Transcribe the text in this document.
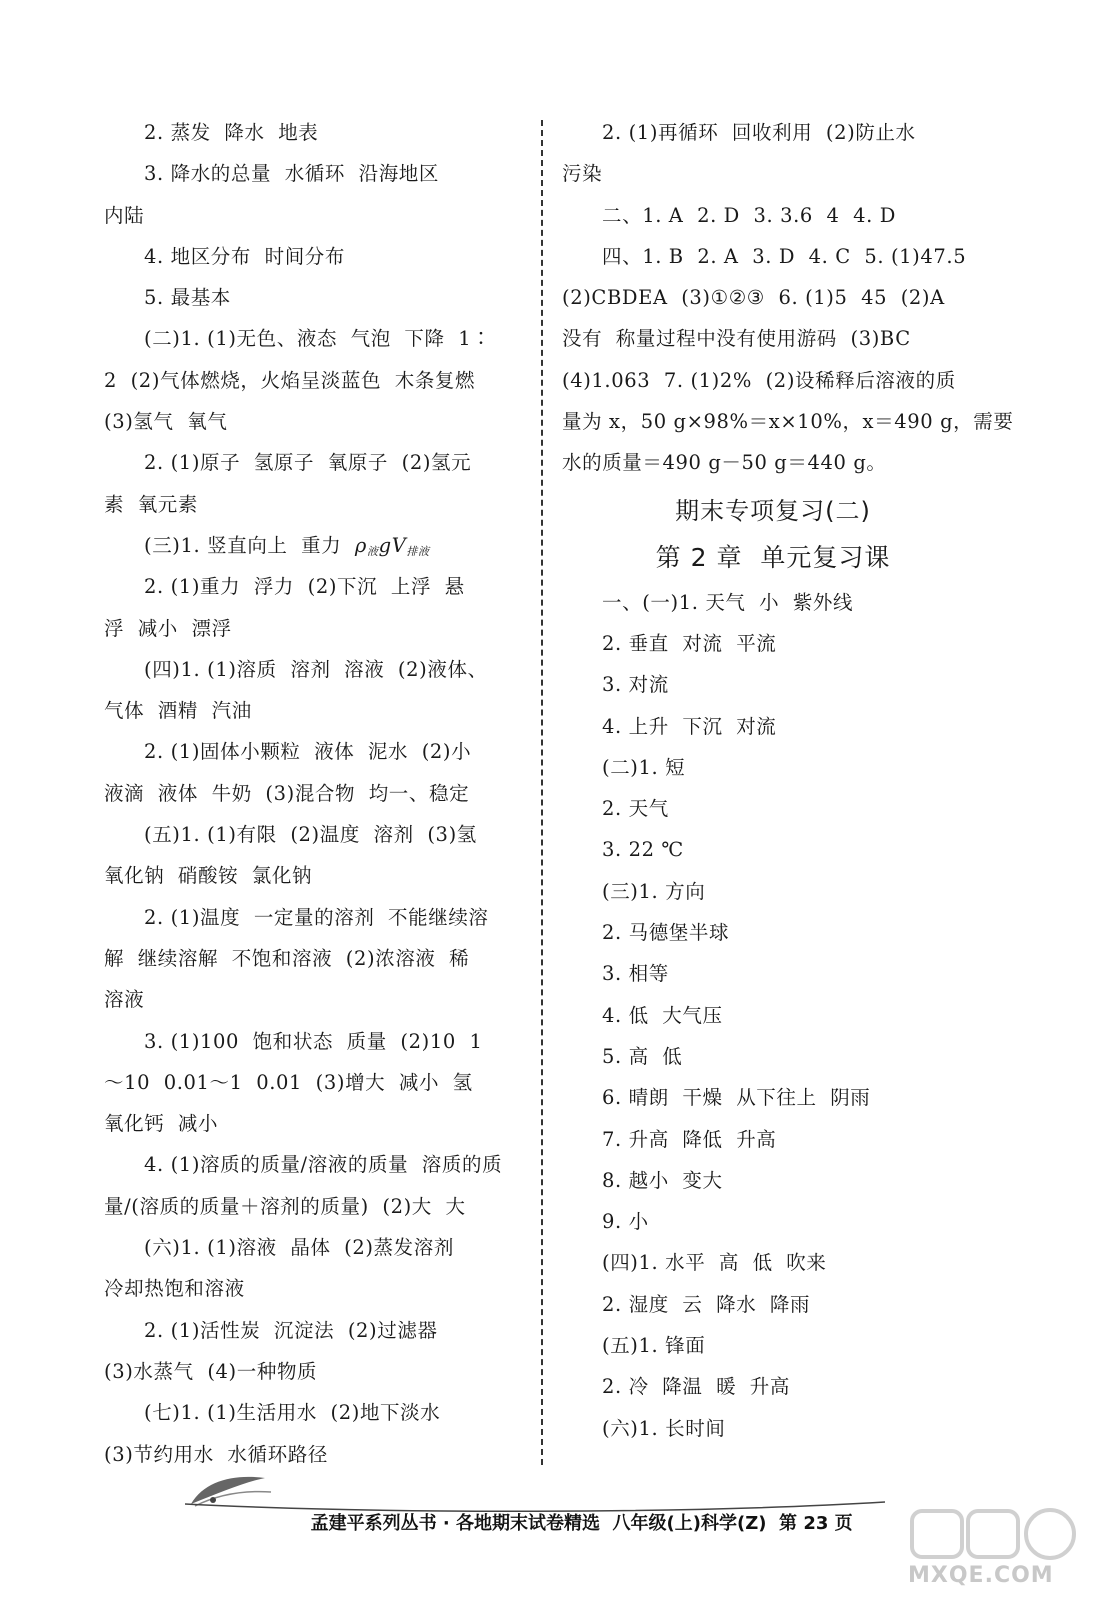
2. 蒸发  降水  地表
3. 降水的总量  水循环  沿海地区
内陆
4. 地区分布  时间分布
5. 最基本
(二)1. (1)无色、液态  气泡  下降  1∶
2  (2)气体燃烧，火焰呈淡蓝色  木条复燃
(3)氢气  氧气
2. (1)原子  氢原子  氧原子  (2)氢元
素  氧元素
(三)1. 竖直向上  重力  $\rho_液gV_{排液}$
2. (1)重力  浮力  (2)下沉  上浮  悬
浮  减小  漂浮
(四)1. (1)溶质  溶剂  溶液  (2)液体、
气体  酒精  汽油
2. (1)固体小颗粒  液体  泥水  (2)小
液滴  液体  牛奶  (3)混合物  均一、稳定
(五)1. (1)有限  (2)温度  溶剂  (3)氢
氧化钠  硝酸铵  氯化钠
2. (1)温度  一定量的溶剂  不能继续溶
解  继续溶解  不饱和溶液  (2)浓溶液  稀
溶液
3. (1)100  饱和状态  质量  (2)10  1
～10  0.01～1  0.01  (3)增大  减小  氢
氧化钙  减小
4. (1)溶质的质量/溶液的质量  溶质的质
量/(溶质的质量＋溶剂的质量)  (2)大  大
(六)1. (1)溶液  晶体  (2)蒸发溶剂
冷却热饱和溶液
2. (1)活性炭  沉淀法  (2)过滤器
(3)水蒸气  (4)一种物质
(七)1. (1)生活用水  (2)地下淡水
(3)节约用水  水循环路径
2. (1)再循环  回收利用  (2)防止水
污染
二、1. A  2. D  3. 3.6  4  4. D
四、1. B  2. A  3. D  4. C  5. (1)47.5
(2)CBDEA  (3)①②③  6. (1)5  45  (2)A
没有  称量过程中没有使用游码  (3)BC
(4)1.063  7. (1)2%  (2)设稀释后溶液的质
量为 x，50 g×98%＝x×10%，x＝490 g，需要
水的质量＝490 g－50 g＝440 g。
期末专项复习(二)
第 2 章  单元复习课
一、(一)1. 天气  小  紫外线
2. 垂直  对流  平流
3. 对流
4. 上升  下沉  对流
(二)1. 短
2. 天气
3. 22 ℃
(三)1. 方向
2. 马德堡半球
3. 相等
4. 低  大气压
5. 高  低
6. 晴朗  干燥  从下往上  阴雨
7. 升高  降低  升高
8. 越小  变大
9. 小
(四)1. 水平  高  低  吹来
2. 湿度  云  降水  降雨
(五)1. 锋面
2. 冷  降温  暖  升高
(六)1. 长时间

孟建平系列丛书 · 各地期末试卷精选 八年级(上)科学(Z) 第 23 页

MXQE.COM
